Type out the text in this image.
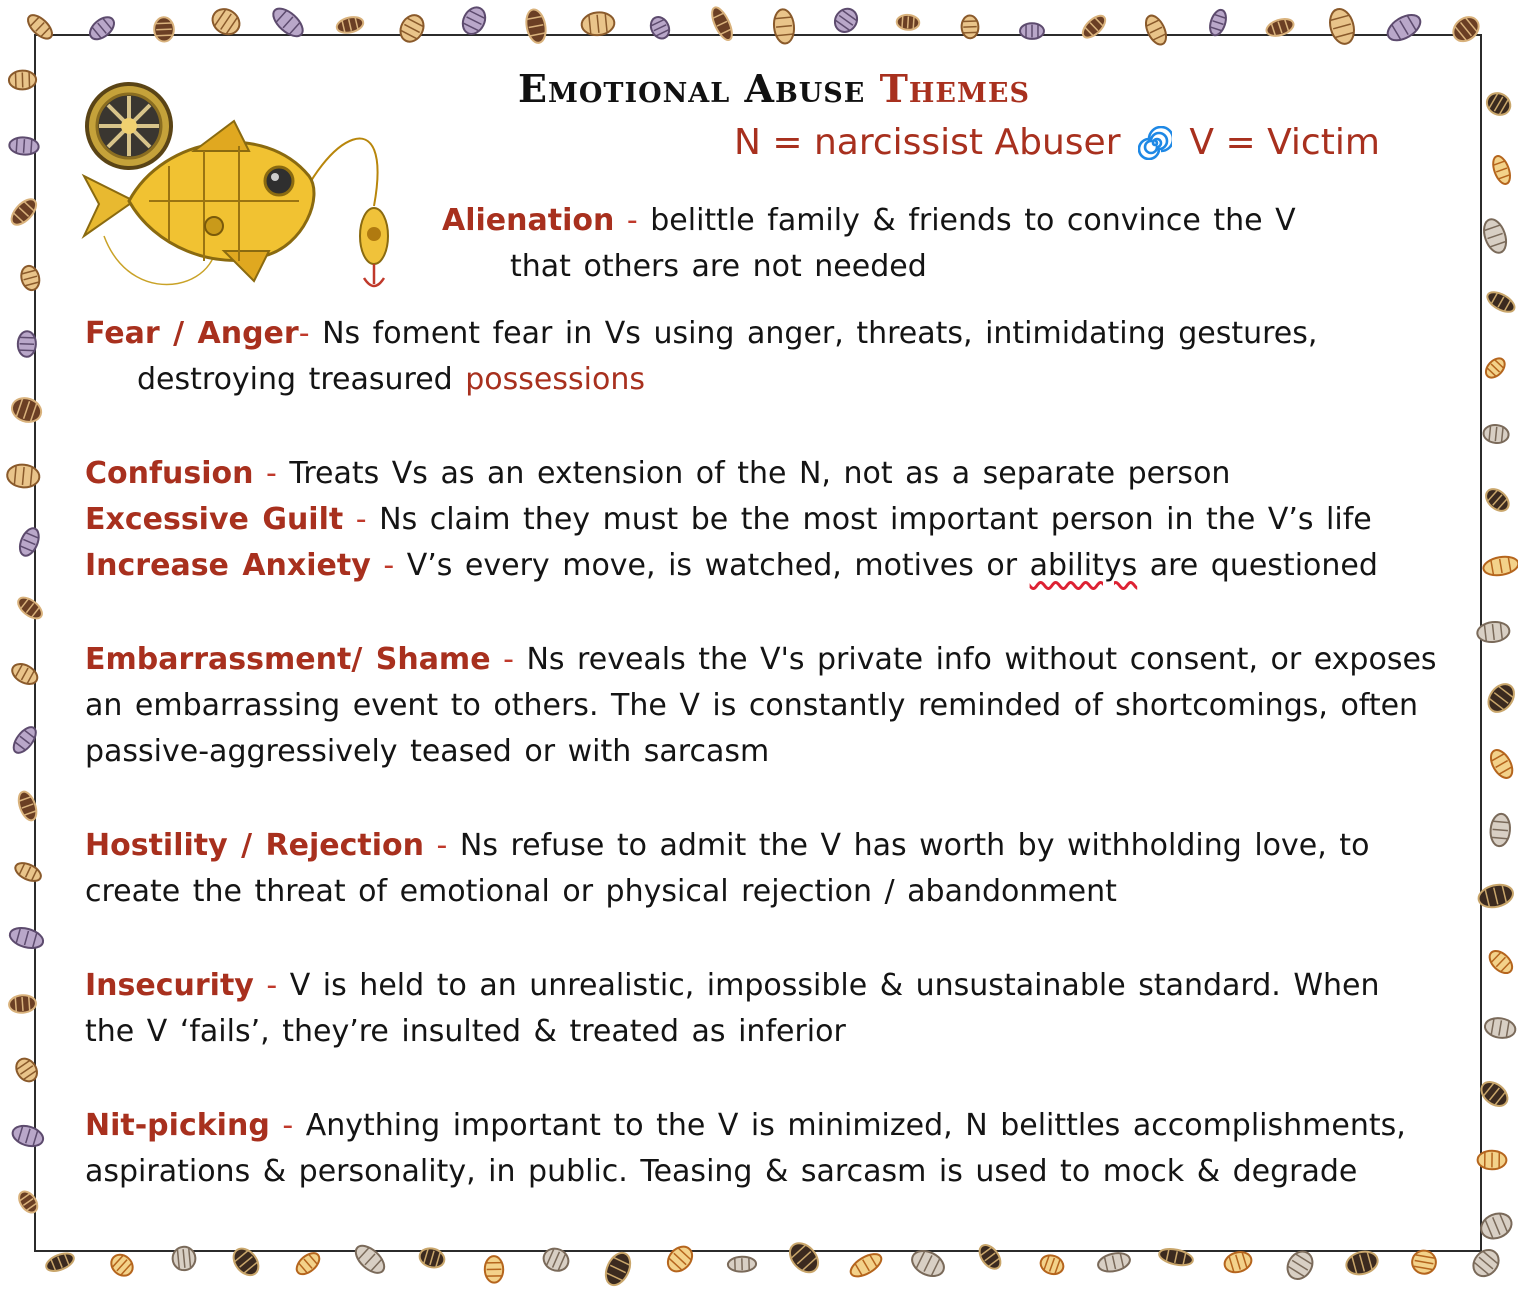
Emotional Abuse Themes
N = narcissist Abuser V = Victim
Alienation - belittle family & friends to convince the V
that others are not needed
Fear / Anger- Ns foment fear in Vs using anger, threats, intimidating gestures,
destroying treasured possessions
Confusion - Treats Vs as an extension of the N, not as a separate person
Excessive Guilt - Ns claim they must be the most important person in the V’s life
Increase Anxiety - V’s every move, is watched, motives or abilitys are questioned
Embarrassment/ Shame - Ns reveals the V's private info without consent, or exposes
an embarrassing event to others. The V is constantly reminded of shortcomings, often
passive-aggressively teased or with sarcasm
Hostility / Rejection - Ns refuse to admit the V has worth by withholding love, to
create the threat of emotional or physical rejection / abandonment
Insecurity - V is held to an unrealistic, impossible & unsustainable standard. When
the V ‘fails’, they’re insulted & treated as inferior
Nit-picking - Anything important to the V is minimized, N belittles accomplishments,
aspirations & personality, in public. Teasing & sarcasm is used to mock & degrade
